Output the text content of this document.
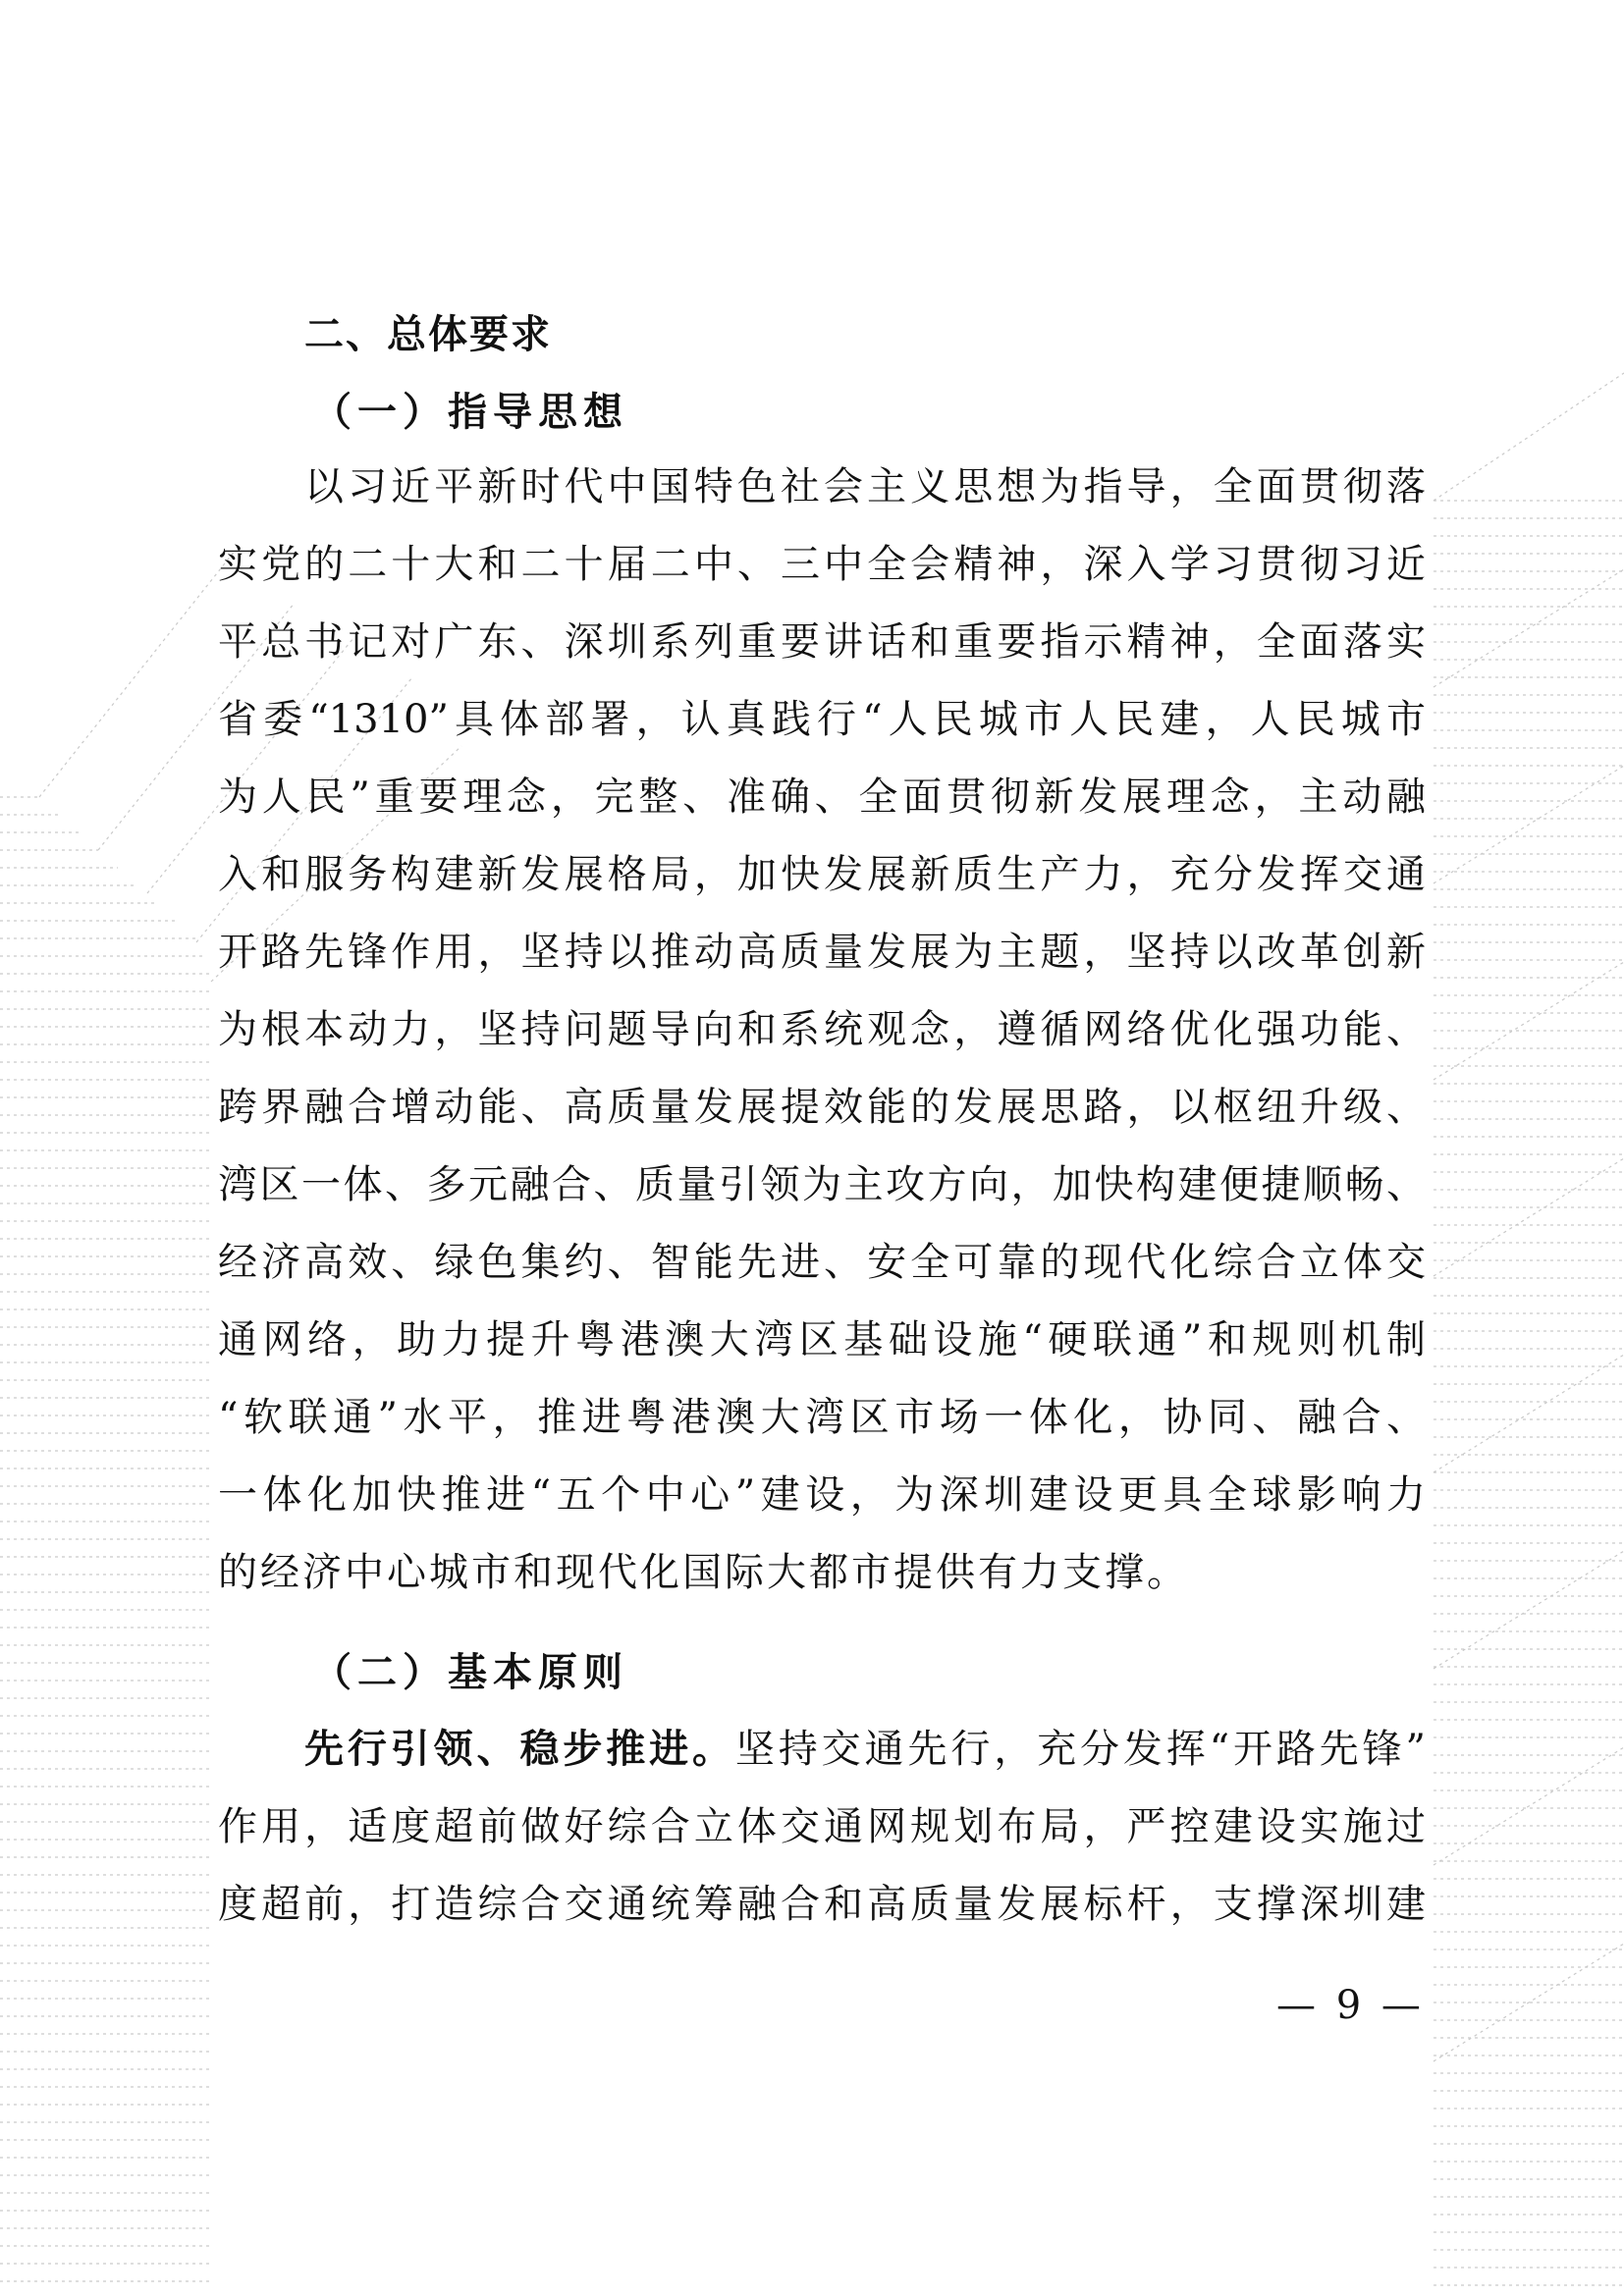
二、总体要求
（一）指导思想
以习近平新时代中国特色社会主义思想为指导，全面贯彻落
实党的二十大和二十届二中、三中全会精神，深入学习贯彻习近
平总书记对广东、深圳系列重要讲话和重要指示精神，全面落实
省委“1310”具体部署，认真践行“人民城市人民建，人民城市
为人民”重要理念，完整、准确、全面贯彻新发展理念，主动融
入和服务构建新发展格局，加快发展新质生产力，充分发挥交通
开路先锋作用，坚持以推动高质量发展为主题，坚持以改革创新
为根本动力，坚持问题导向和系统观念，遵循网络优化强功能、
跨界融合增动能、高质量发展提效能的发展思路，以枢纽升级、
湾区一体、多元融合、质量引领为主攻方向，加快构建便捷顺畅、
经济高效、绿色集约、智能先进、安全可靠的现代化综合立体交
通网络，助力提升粤港澳大湾区基础设施“硬联通”和规则机制
“软联通”水平，推进粤港澳大湾区市场一体化，协同、融合、
一体化加快推进“五个中心”建设，为深圳建设更具全球影响力
的经济中心城市和现代化国际大都市提供有力支撑。
（二）基本原则
先行引领、稳步推进。坚持交通先行，充分发挥“开路先锋”
作用，适度超前做好综合立体交通网规划布局，严控建设实施过
度超前，打造综合交通统筹融合和高质量发展标杆，支撑深圳建
— 9 —
